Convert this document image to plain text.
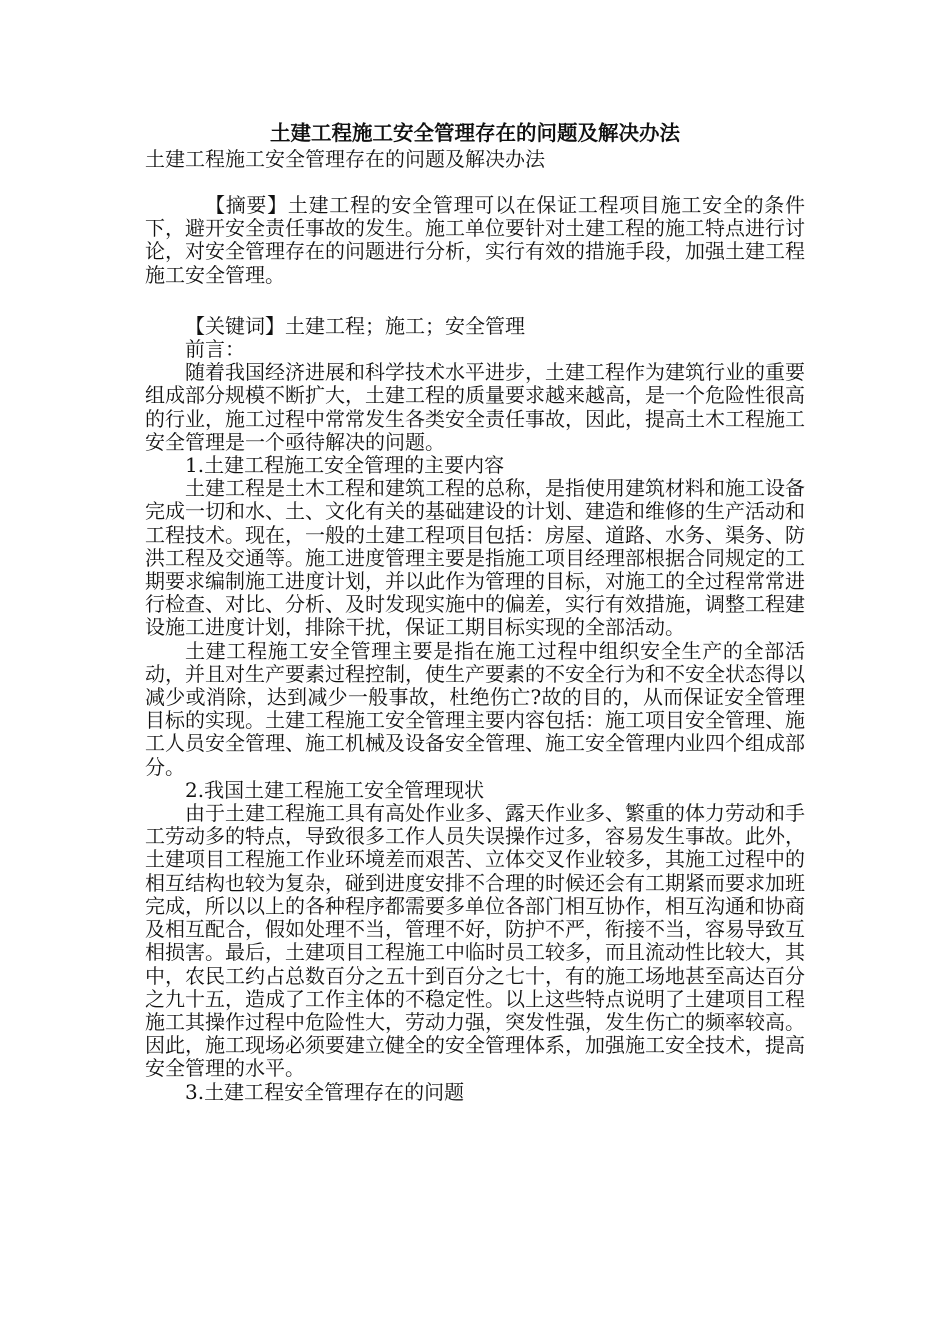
土建工程施工安全管理存在的问题及解决办法

土建工程施工安全管理存在的问题及解决办法

【摘要】土建工程的安全管理可以在保证工程项目施工安全的条件下，避开安全责任事故的发生。施工单位要针对土建工程的施工特点进行讨论，对安全管理存在的问题进行分析，实行有效的措施手段，加强土建工程施工安全管理。

【关键词】土建工程；施工；安全管理

前言：

随着我国经济进展和科学技术水平进步，土建工程作为建筑行业的重要组成部分规模不断扩大，土建工程的质量要求越来越高，是一个危险性很高的行业，施工过程中常常发生各类安全责任事故，因此，提高土木工程施工安全管理是一个亟待解决的问题。

1.土建工程施工安全管理的主要内容

土建工程是土木工程和建筑工程的总称，是指使用建筑材料和施工设备完成一切和水、土、文化有关的基础建设的计划、建造和维修的生产活动和工程技术。现在，一般的土建工程项目包括：房屋、道路、水务、渠务、防洪工程及交通等。施工进度管理主要是指施工项目经理部根据合同规定的工期要求编制施工进度计划，并以此作为管理的目标，对施工的全过程常常进行检查、对比、分析、及时发现实施中的偏差，实行有效措施，调整工程建设施工进度计划，排除干扰，保证工期目标实现的全部活动。

土建工程施工安全管理主要是指在施工过程中组织安全生产的全部活动，并且对生产要素过程控制，使生产要素的不安全行为和不安全状态得以减少或消除，达到减少一般事故，杜绝伤亡?故的目的，从而保证安全管理目标的实现。土建工程施工安全管理主要内容包括：施工项目安全管理、施工人员安全管理、施工机械及设备安全管理、施工安全管理内业四个组成部分。

2.我国土建工程施工安全管理现状

由于土建工程施工具有高处作业多、露天作业多、繁重的体力劳动和手工劳动多的特点，导致很多工作人员失误操作过多，容易发生事故。此外，土建项目工程施工作业环境差而艰苦、立体交叉作业较多，其施工过程中的相互结构也较为复杂，碰到进度安排不合理的时候还会有工期紧而要求加班完成，所以以上的各种程序都需要多单位各部门相互协作，相互沟通和协商及相互配合，假如处理不当，管理不好，防护不严，衔接不当，容易导致互相损害。最后，土建项目工程施工中临时员工较多，而且流动性比较大，其中，农民工约占总数百分之五十到百分之七十，有的施工场地甚至高达百分之九十五，造成了工作主体的不稳定性。以上这些特点说明了土建项目工程施工其操作过程中危险性大，劳动力强，突发性强，发生伤亡的频率较高。因此，施工现场必须要建立健全的安全管理体系，加强施工安全技术，提高安全管理的水平。

3.土建工程安全管理存在的问题
